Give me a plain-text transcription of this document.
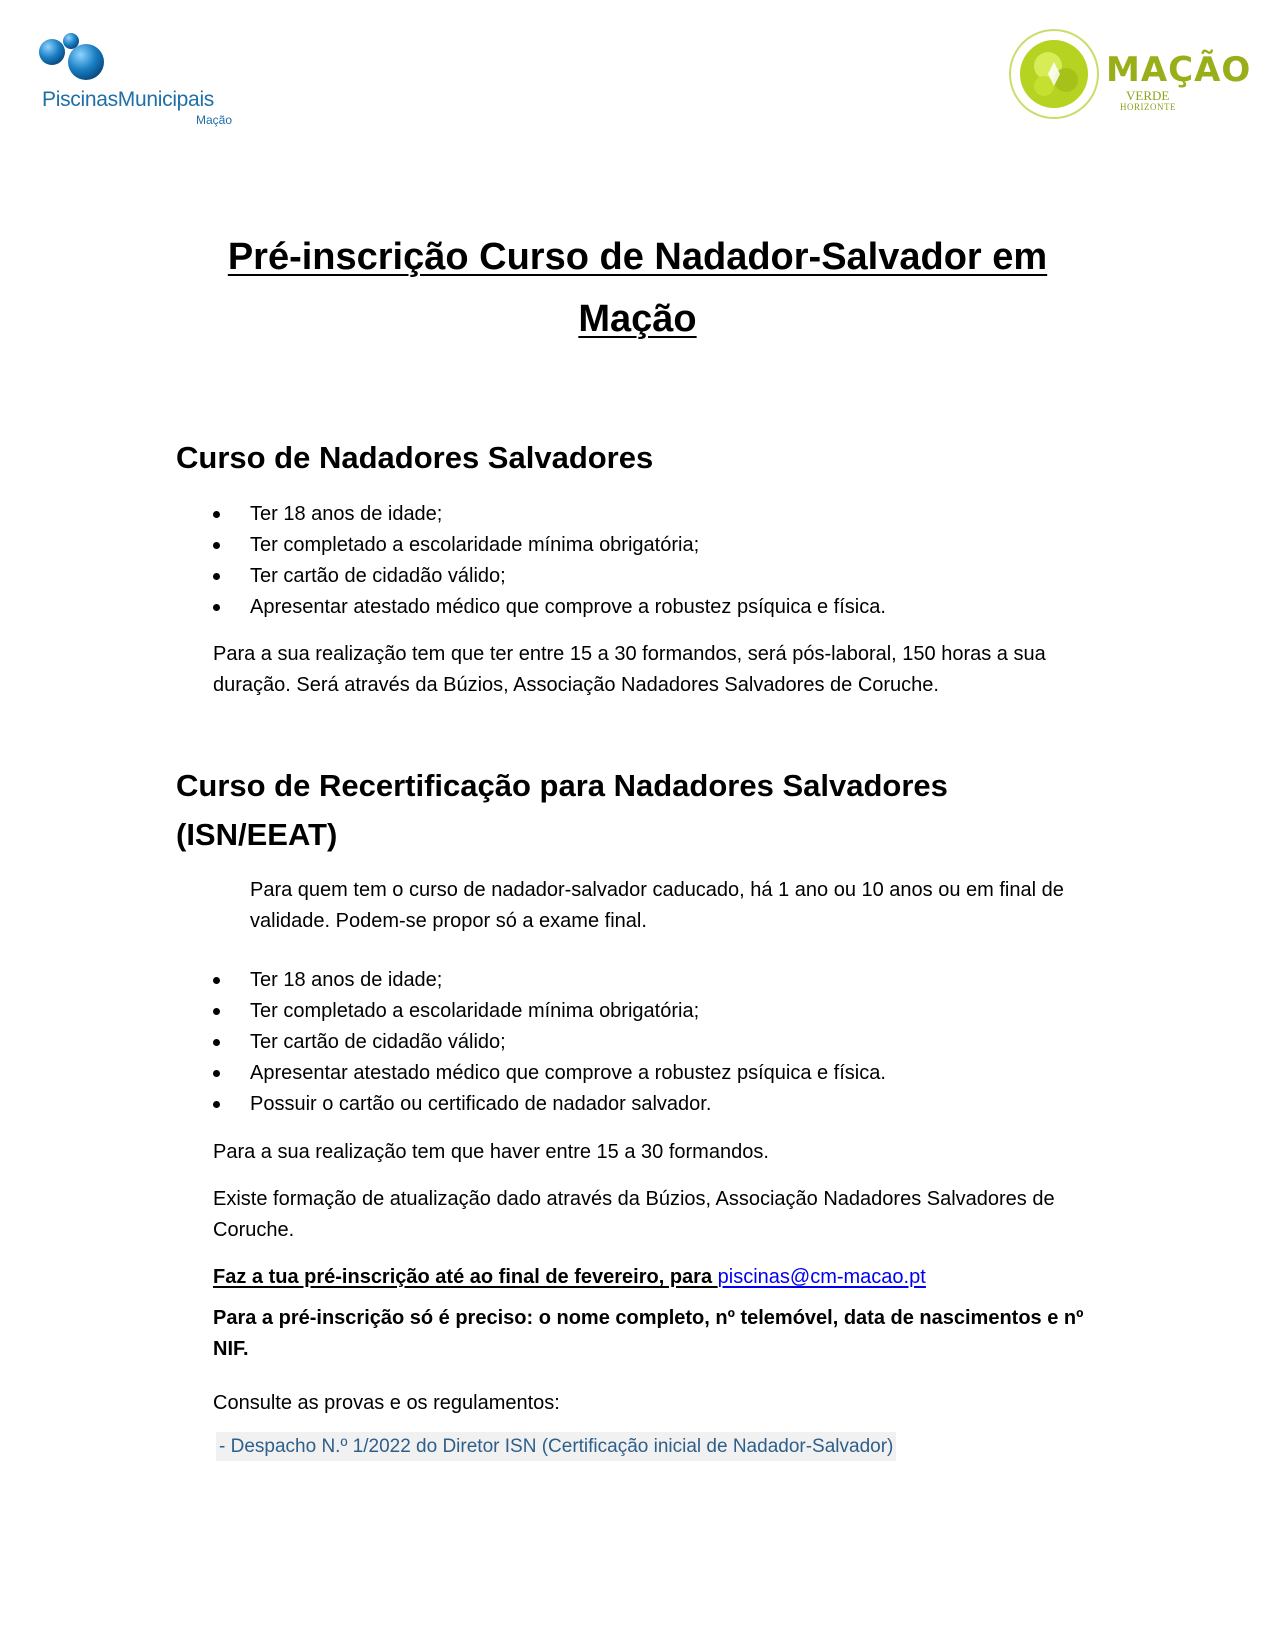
PiscinasMunicipais
Mação
MAÇÃO
VERDE
HORIZONTE
Pré-inscrição Curso de Nadador-Salvador em
Mação
Curso de Nadadores Salvadores
Ter 18 anos de idade;
Ter completado a escolaridade mínima obrigatória;
Ter cartão de cidadão válido;
Apresentar atestado médico que comprove a robustez psíquica e física.
Para a sua realização tem que ter entre 15 a 30 formandos, será pós-laboral, 150 horas a sua duração. Será através da Búzios, Associação Nadadores Salvadores de Coruche.
Curso de Recertificação para Nadadores Salvadores (ISN/EEAT)
Para quem tem o curso de nadador-salvador caducado, há 1 ano ou 10 anos ou em final de validade. Podem-se propor só a exame final.
Ter 18 anos de idade;
Ter completado a escolaridade mínima obrigatória;
Ter cartão de cidadão válido;
Apresentar atestado médico que comprove a robustez psíquica e física.
Possuir o cartão ou certificado de nadador salvador.
Para a sua realização tem que haver entre 15 a 30 formandos.
Existe formação de atualização dado através da Búzios, Associação Nadadores Salvadores de Coruche.
Faz a tua pré-inscrição até ao final de fevereiro, para piscinas@cm-macao.pt
Para a pré-inscrição só é preciso: o nome completo, nº telemóvel, data de nascimentos e nº NIF.
Consulte as provas e os regulamentos:
- Despacho N.º 1/2022 do Diretor ISN (Certificação inicial de Nadador-Salvador)
